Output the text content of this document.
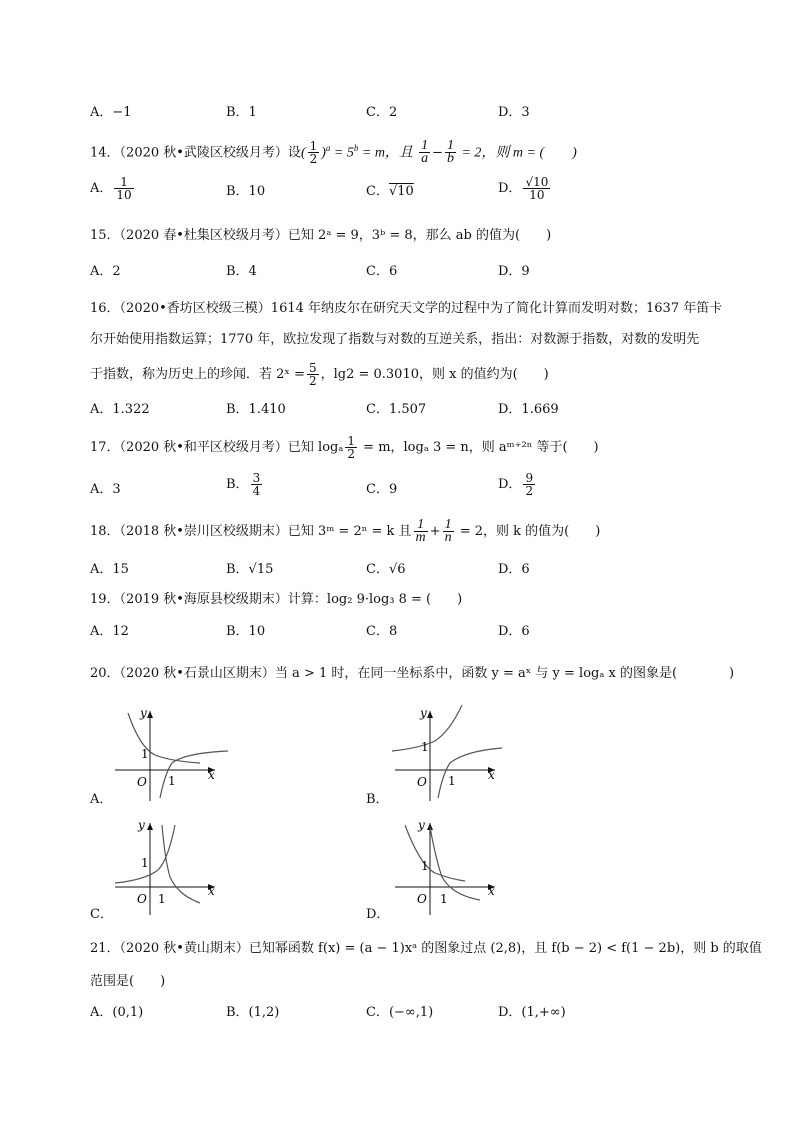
A．−1	B．1	C．2	D．3
14．（2020 秋•武陵区校级月考）设( $\frac{1}{2} )^a = 5^b = m$，且 $\frac{1}{a} - \frac{1}{b} = 2$，则 m = (　　)
A． $\frac{1}{10}$	B．10	C．√10	D． $\frac{√10}{10}$
15．（2020 春•杜集区校级月考）已知 2ᵃ = 9，3ᵇ = 8，那么 ab 的值为(　　)
A．2	B．4	C．6	D．9
16．（2020•香坊区校级三模）1614 年纳皮尔在研究天文学的过程中为了简化计算而发明对数；1637 年笛卡
尔开始使用指数运算；1770 年，欧拉发现了指数与对数的互逆关系，指出：对数源于指数，对数的发明先
于指数，称为历史上的珍闻．若 2ˣ = $\frac{5}{2}$ ，lg2 = 0.3010，则 x 的值约为(　　)
A．1.322	B．1.410	C．1.507	D．1.669
17．（2020 秋•和平区校级月考）已知 logₐ $\frac{1}{2} = m$，logₐ 3 = n，则 aᵐ⁺²ⁿ 等于(　　)
A．3	B． $\frac{3}{4}$	C．9	D． $\frac{9}{2}$
18．（2018 秋•崇川区校级期末）已知 3ᵐ = 2ⁿ = k 且 $\frac{1}{m} + \frac{1}{n} = 2$，则 k 的值为(　　)
A．15	B．√15	C．√6	D．6
19．（2019 秋•海原县校级期末）计算：log₂ 9·log₃ 8 = (　　)
A．12	B．10	C．8	D．6
20．（2020 秋•石景山区期末）当 a > 1 时，在同一坐标系中，函数 y = aˣ 与 y = logₐ x 的图象是(　　　　)
y
x
O
1
1
A．
y
x
O
1
1
B．
y
x
O
1
1
C．
y
x
O
1
1
D．
21．（2020 秋•黄山期末）已知幂函数 f(x) = (a − 1)xᵃ 的图象过点 (2,8)，且 f(b − 2) < f(1 − 2b)，则 b 的取值
范围是(　　)
A．(0,1)	B．(1,2)	C．(−∞,1)	D．(1,+∞)
